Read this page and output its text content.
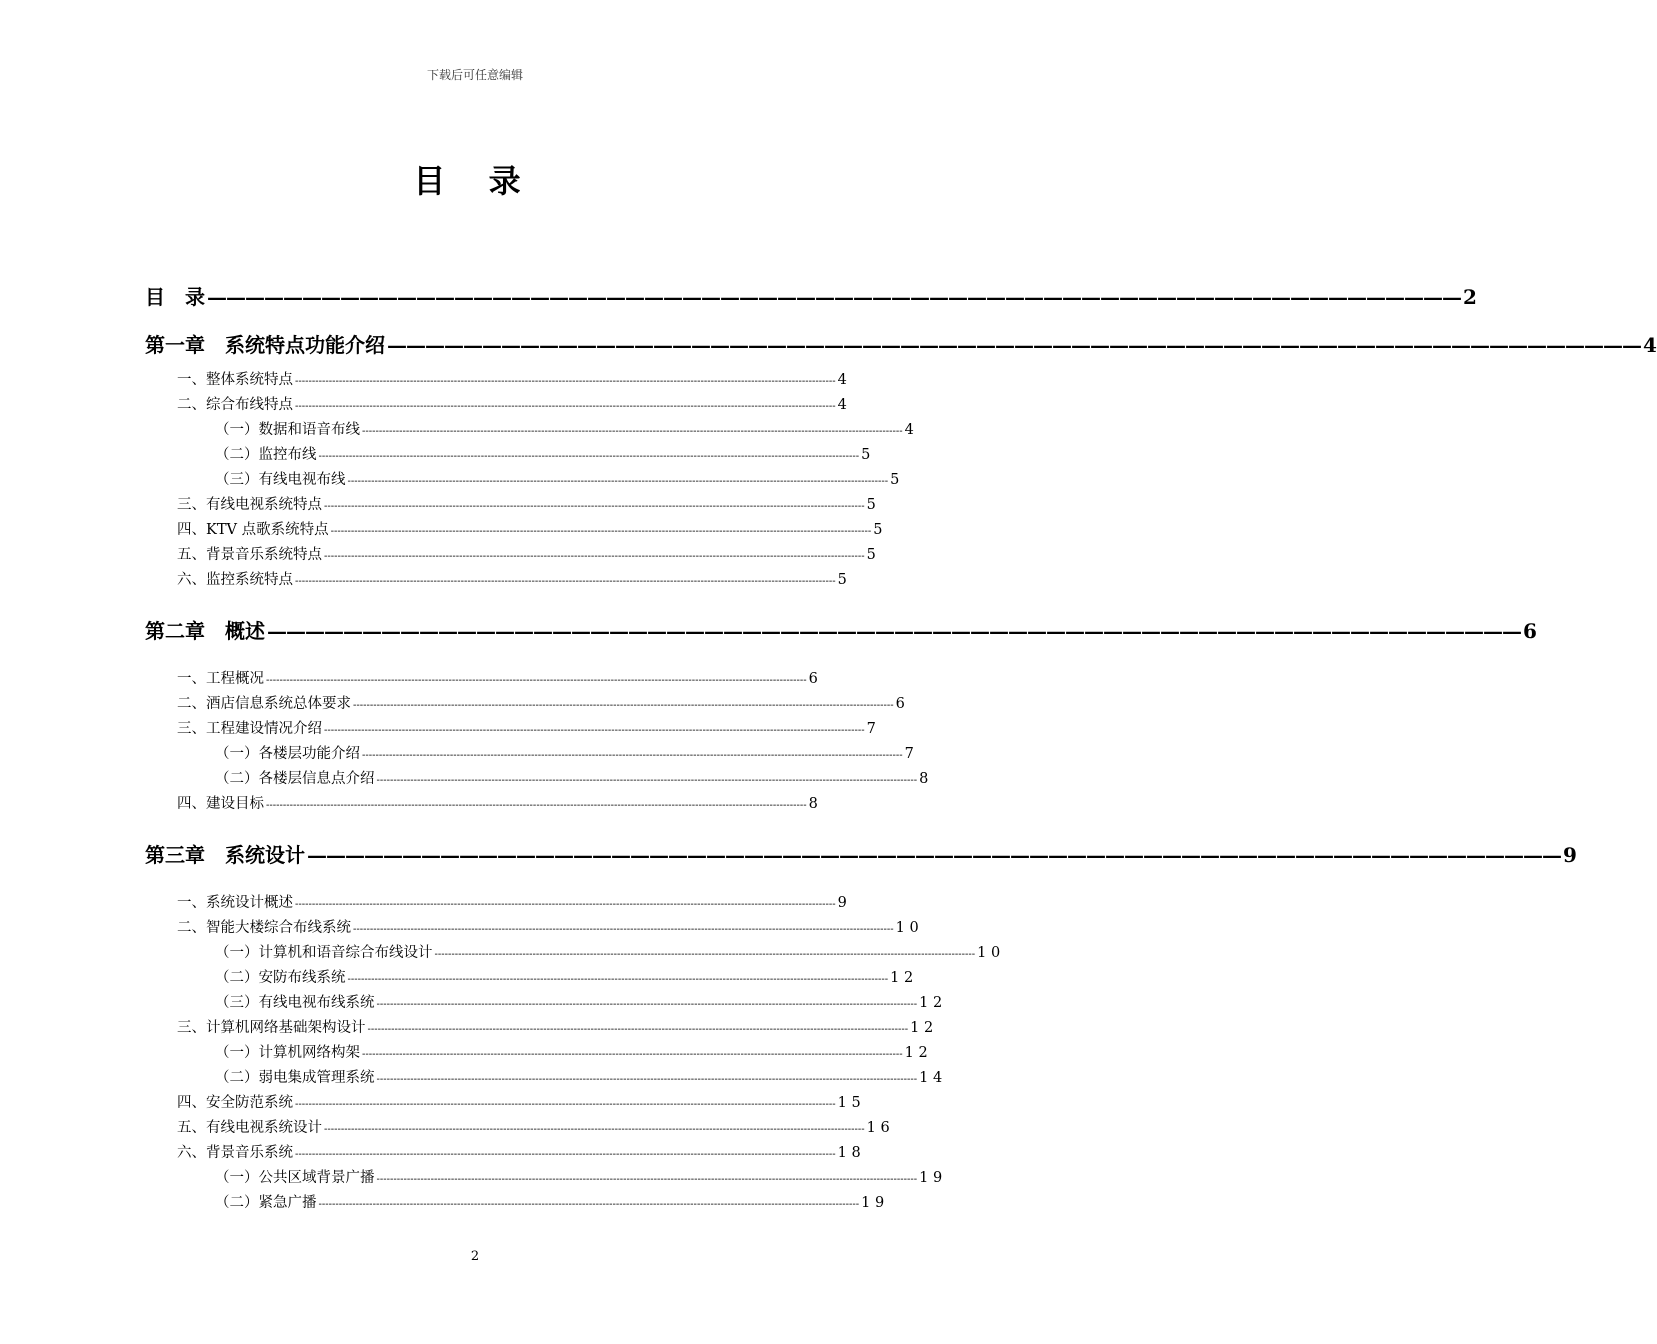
下载后可任意编辑
目 录
目　录 —————————————————————————————————————————————————————————————————— 2
第一章　系统特点功能介绍 —————————————————————————————————————————————————————————————————— 4
一、整体系统特点 ---------------------------------------------------------------------------------------------------------------------------------------------------------------- 4
二、综合布线特点 ---------------------------------------------------------------------------------------------------------------------------------------------------------------- 4
（一）数据和语音布线 ---------------------------------------------------------------------------------------------------------------------------------------------------------------- 4
（二）监控布线 ---------------------------------------------------------------------------------------------------------------------------------------------------------------- 5
（三）有线电视布线 ---------------------------------------------------------------------------------------------------------------------------------------------------------------- 5
三、有线电视系统特点 ---------------------------------------------------------------------------------------------------------------------------------------------------------------- 5
四、KTV 点歌系统特点 ---------------------------------------------------------------------------------------------------------------------------------------------------------------- 5
五、背景音乐系统特点 ---------------------------------------------------------------------------------------------------------------------------------------------------------------- 5
六、监控系统特点 ---------------------------------------------------------------------------------------------------------------------------------------------------------------- 5
第二章　概述 —————————————————————————————————————————————————————————————————— 6
一、工程概况 ---------------------------------------------------------------------------------------------------------------------------------------------------------------- 6
二、酒店信息系统总体要求 ---------------------------------------------------------------------------------------------------------------------------------------------------------------- 6
三、工程建设情况介绍 ---------------------------------------------------------------------------------------------------------------------------------------------------------------- 7
（一）各楼层功能介绍 ---------------------------------------------------------------------------------------------------------------------------------------------------------------- 7
（二）各楼层信息点介绍 ---------------------------------------------------------------------------------------------------------------------------------------------------------------- 8
四、建设目标 ---------------------------------------------------------------------------------------------------------------------------------------------------------------- 8
第三章　系统设计 —————————————————————————————————————————————————————————————————— 9
一、系统设计概述 ---------------------------------------------------------------------------------------------------------------------------------------------------------------- 9
二、智能大楼综合布线系统 ---------------------------------------------------------------------------------------------------------------------------------------------------------------- 1 0
（一）计算机和语音综合布线设计 ---------------------------------------------------------------------------------------------------------------------------------------------------------------- 1 0
（二）安防布线系统 ---------------------------------------------------------------------------------------------------------------------------------------------------------------- 1 2
（三）有线电视布线系统 ---------------------------------------------------------------------------------------------------------------------------------------------------------------- 1 2
三、计算机网络基础架构设计 ---------------------------------------------------------------------------------------------------------------------------------------------------------------- 1 2
（一）计算机网络构架 ---------------------------------------------------------------------------------------------------------------------------------------------------------------- 1 2
（二）弱电集成管理系统 ---------------------------------------------------------------------------------------------------------------------------------------------------------------- 1 4
四、安全防范系统 ---------------------------------------------------------------------------------------------------------------------------------------------------------------- 1 5
五、有线电视系统设计 ---------------------------------------------------------------------------------------------------------------------------------------------------------------- 1 6
六、背景音乐系统 ---------------------------------------------------------------------------------------------------------------------------------------------------------------- 1 8
（一）公共区域背景广播 ---------------------------------------------------------------------------------------------------------------------------------------------------------------- 1 9
（二）紧急广播 ---------------------------------------------------------------------------------------------------------------------------------------------------------------- 1 9
2
